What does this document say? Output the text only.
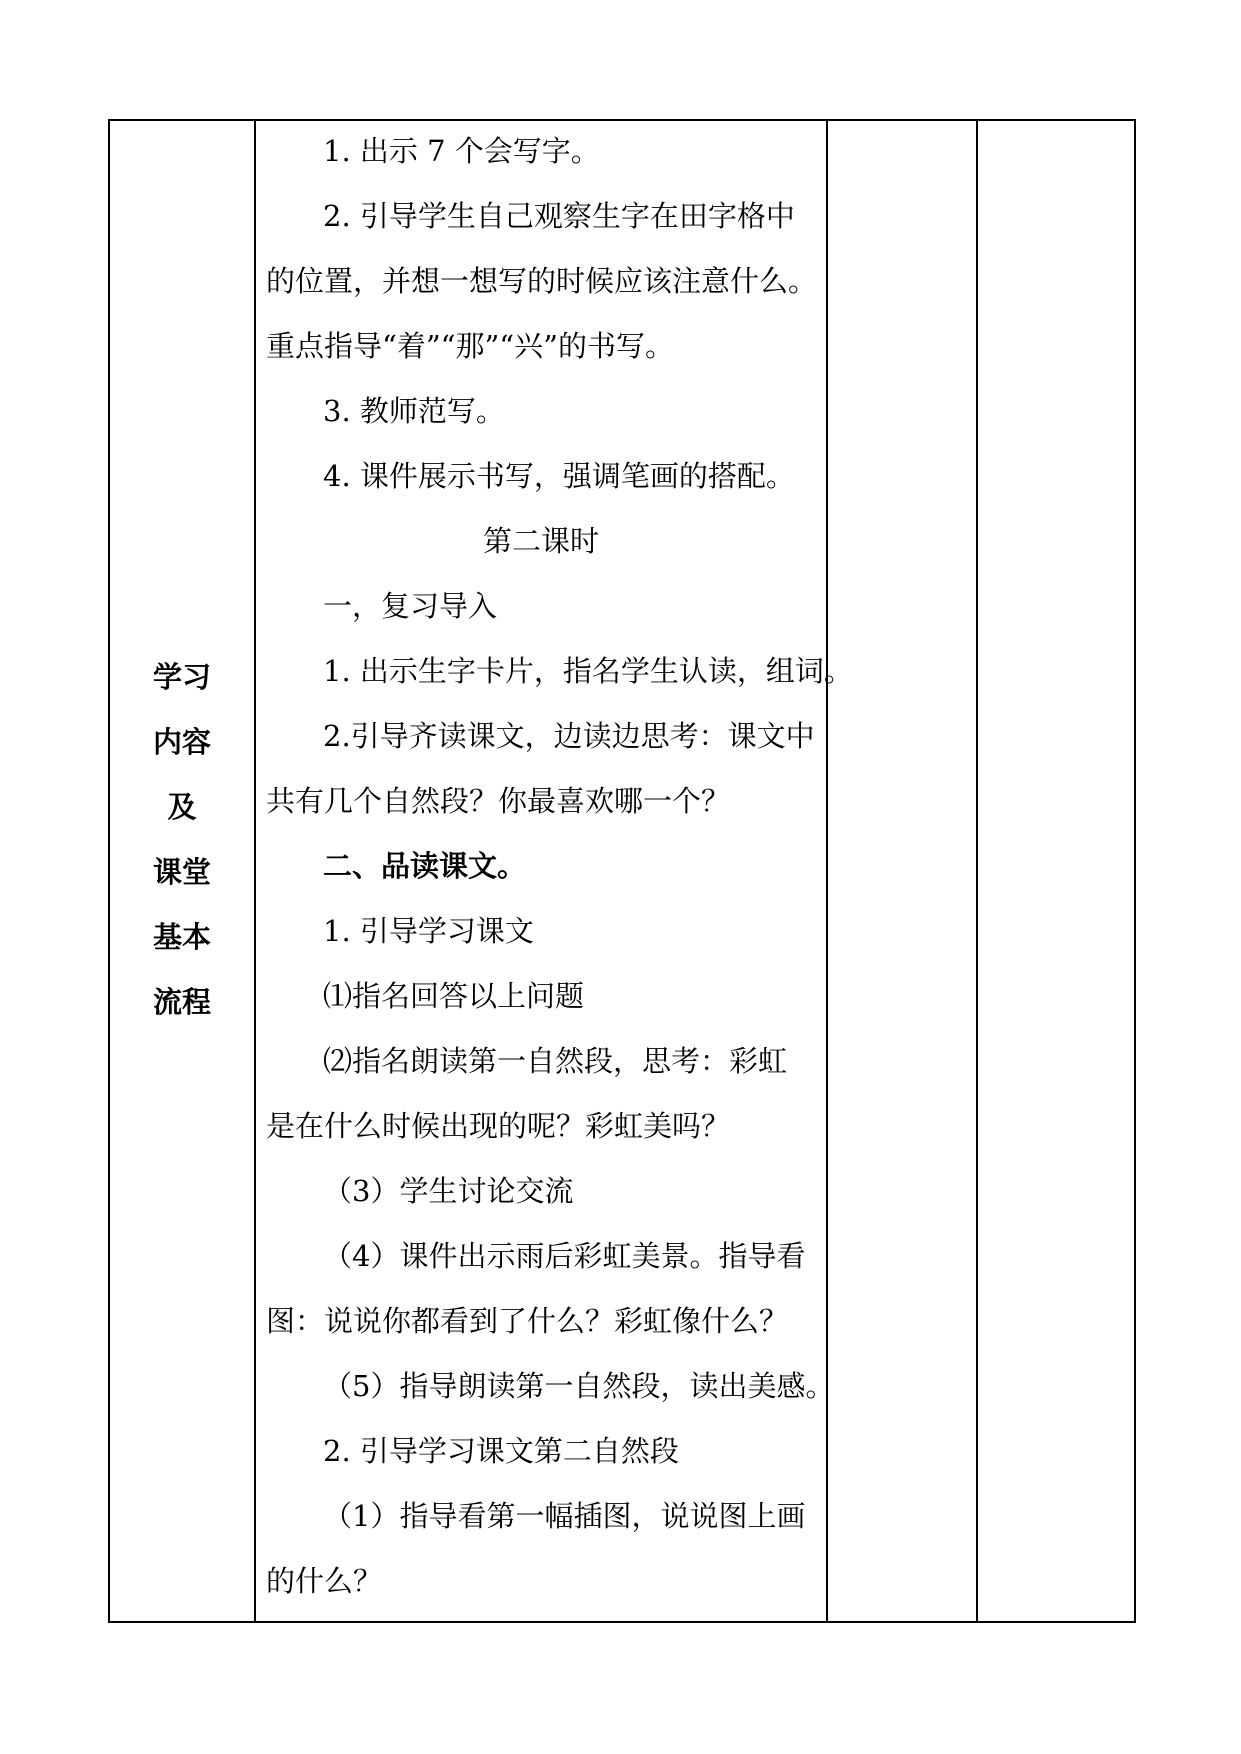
学习
内容
及
课堂
基本
流程
1. 出示 7 个会写字。
2. 引导学生自己观察生字在田字格中
的位置，并想一想写的时候应该注意什么。
重点指导“着”“那”“兴”的书写。
3. 教师范写。
4. 课件展示书写，强调笔画的搭配。
第二课时
一，复习导入
1. 出示生字卡片，指名学生认读，组词。
2.引导齐读课文，边读边思考：课文中
共有几个自然段？你最喜欢哪一个？
二、品读课文。
1. 引导学习课文
⑴指名回答以上问题
⑵指名朗读第一自然段，思考：彩虹
是在什么时候出现的呢？彩虹美吗？
（3）学生讨论交流
（4）课件出示雨后彩虹美景。指导看
图：说说你都看到了什么？彩虹像什么？
（5）指导朗读第一自然段，读出美感。
2. 引导学习课文第二自然段
（1）指导看第一幅插图，说说图上画
的什么？
